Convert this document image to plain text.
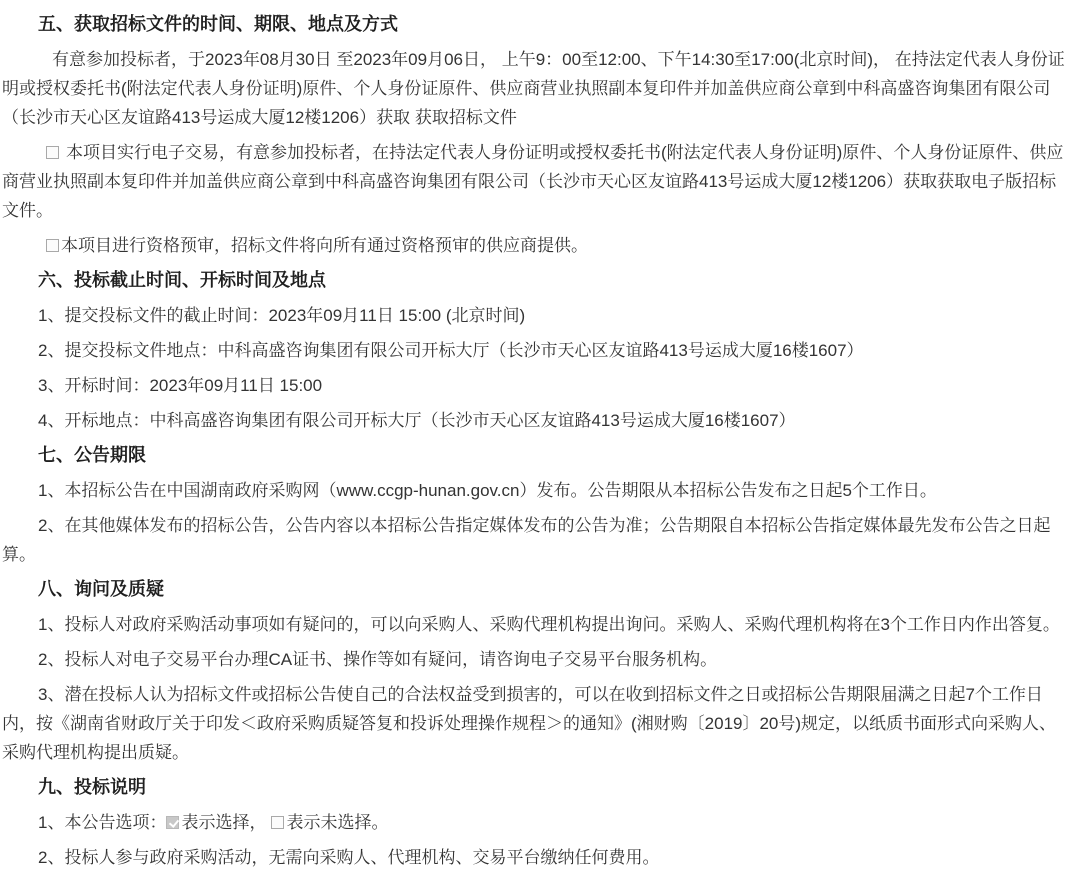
五、获取招标文件的时间、期限、地点及方式

有意参加投标者，于2023年08月30日 至2023年09月06日， 上午9：00至12:00、下午14:30至17:00(北京时间)， 在持法定代表人身份证明或授权委托书(附法定代表人身份证明)原件、个人身份证原件、供应商营业执照副本复印件并加盖供应商公章到中科高盛咨询集团有限公司（长沙市天心区友谊路413号运成大厦12楼1206）获取 获取招标文件

本项目实行电子交易，有意参加投标者，在持法定代表人身份证明或授权委托书(附法定代表人身份证明)原件、个人身份证原件、供应商营业执照副本复印件并加盖供应商公章到中科高盛咨询集团有限公司（长沙市天心区友谊路413号运成大厦12楼1206）获取获取电子版招标文件。

本项目进行资格预审，招标文件将向所有通过资格预审的供应商提供。

六、投标截止时间、开标时间及地点

1、提交投标文件的截止时间：2023年09月11日 15:00 (北京时间)

2、提交投标文件地点：中科高盛咨询集团有限公司开标大厅（长沙市天心区友谊路413号运成大厦16楼1607）

3、开标时间：2023年09月11日 15:00

4、开标地点：中科高盛咨询集团有限公司开标大厅（长沙市天心区友谊路413号运成大厦16楼1607）

七、公告期限

1、本招标公告在中国湖南政府采购网（www.ccgp-hunan.gov.cn）发布。公告期限从本招标公告发布之日起5个工作日。

2、在其他媒体发布的招标公告，公告内容以本招标公告指定媒体发布的公告为准；公告期限自本招标公告指定媒体最先发布公告之日起算。

八、询问及质疑

1、投标人对政府采购活动事项如有疑问的，可以向采购人、采购代理机构提出询问。采购人、采购代理机构将在3个工作日内作出答复。

2、投标人对电子交易平台办理CA证书、操作等如有疑问，请咨询电子交易平台服务机构。

3、潜在投标人认为招标文件或招标公告使自己的合法权益受到损害的，可以在收到招标文件之日或招标公告期限届满之日起7个工作日内，按《湖南省财政厅关于印发＜政府采购质疑答复和投诉处理操作规程＞的通知》(湘财购〔2019〕20号)规定，以纸质书面形式向采购人、采购代理机构提出质疑。

九、投标说明

1、本公告选项： 表示选择， 表示未选择。

2、投标人参与政府采购活动，无需向采购人、代理机构、交易平台缴纳任何费用。
